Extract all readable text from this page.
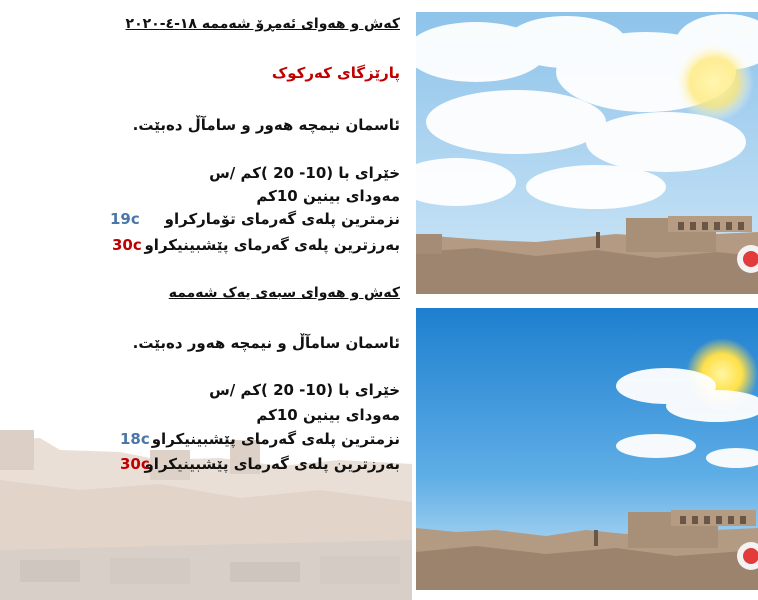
کەش و هەوای ئەمڕۆ شەممە ١٨-٤-٢٠٢٠
پارێزگای کەرکوک
ئاسمان نیمچە هەور و سامآڵ دەبێت.
خێرای با (10- 20 )کم /س
مەودای بینین 10کم
نزمترین پلەی گەرمای تۆمارکراو
بەرزترین پلەی گەرمای پێشبینیکراو
کەش و هەوای سبەی یەک شەممە
ئاسمان سامآڵ و نیمچە هەور دەبێت.
خێرای با (10- 20 )کم /س
مەودای بینین 10کم
نزمترین پلەی گەرمای پێشبینیکراو
بەرزترین پلەی گەرمای پێشبینیکراو
19c
30c
18c
30c
